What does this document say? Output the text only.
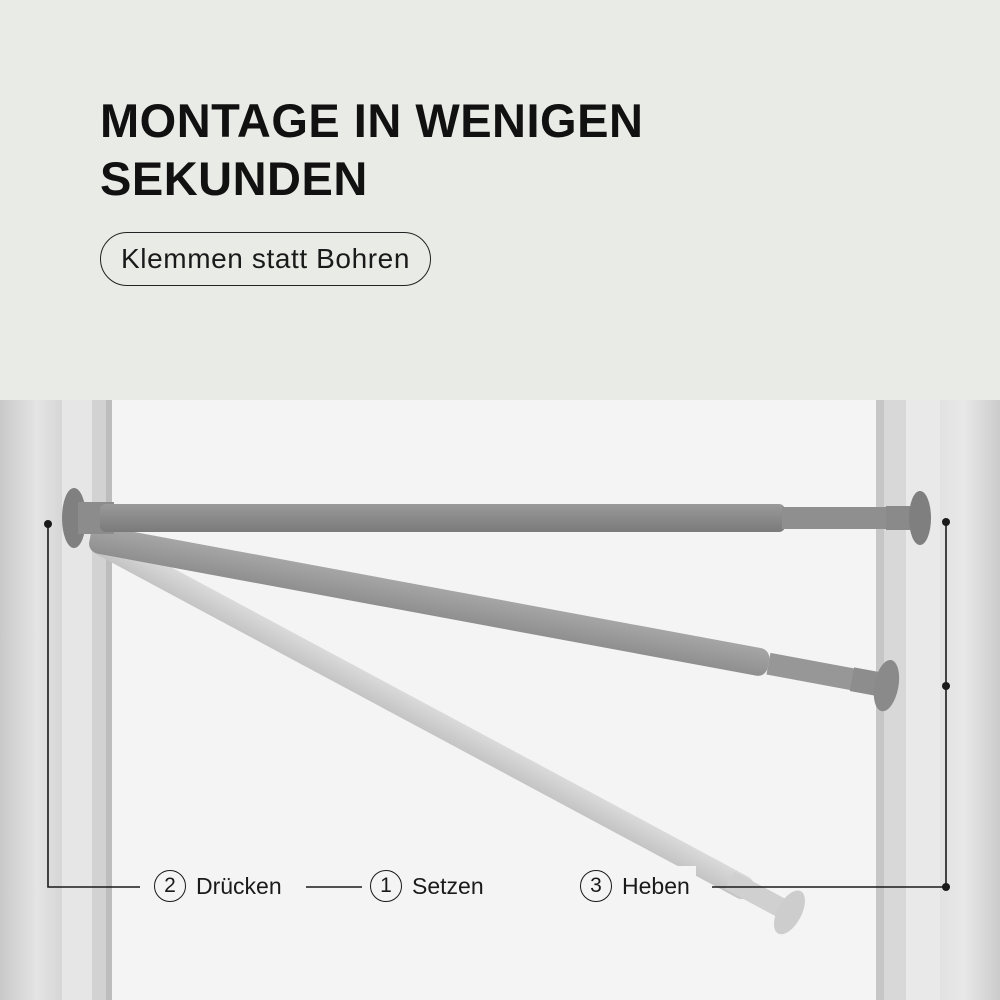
MONTAGE IN WENIGEN
SEKUNDEN
Klemmen statt Bohren
2 Drücken	1 Setzen	3 Heben
